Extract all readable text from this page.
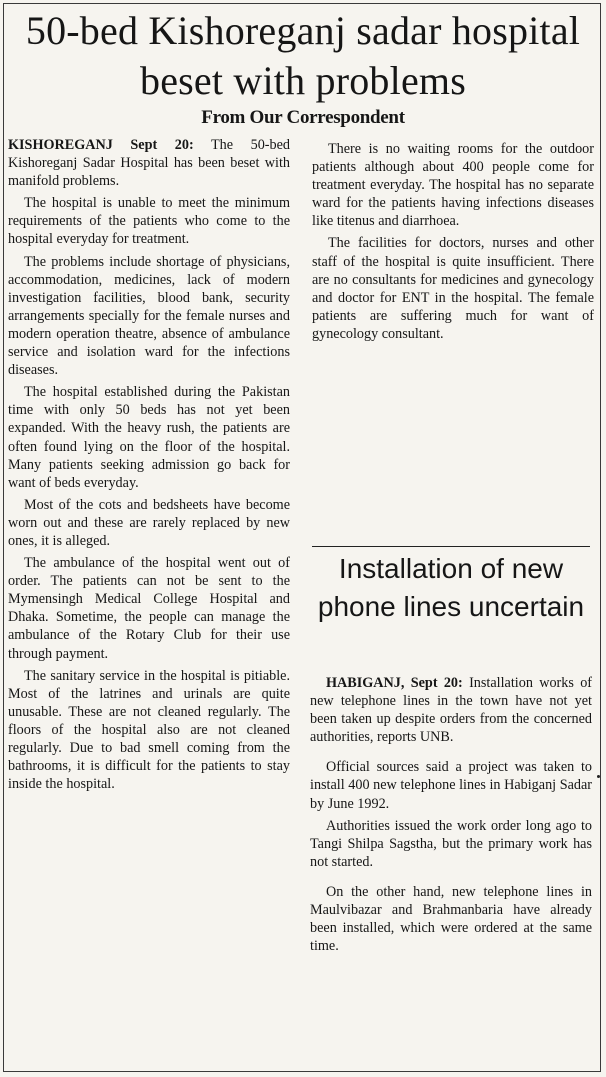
50-bed Kishoreganj sadar hospital beset with problems
From Our Correspondent

KISHOREGANJ Sept 20: The 50-bed Kishoreganj Sadar Hospital has been beset with manifold problems.

The hospital is unable to meet the minimum requirements of the patients who come to the hospital everyday for treatment.

The problems include shortage of physicians, accommodation, medicines, lack of modern investigation facilities, blood bank, security arrangements specially for the female nurses and modern operation theatre, absence of ambulance service and isolation ward for the infections diseases.

The hospital established during the Pakistan time with only 50 beds has not yet been expanded. With the heavy rush, the patients are often found lying on the floor of the hospital. Many patients seeking admission go back for want of beds everyday.

Most of the cots and bedsheets have become worn out and these are rarely replaced by new ones, it is alleged.

The ambulance of the hospital went out of order. The patients can not be sent to the Mymensingh Medical College Hospital and Dhaka. Sometime, the people can manage the ambulance of the Rotary Club for their use through payment.

The sanitary service in the hospital is pitiable. Most of the latrines and urinals are quite unusable. These are not cleaned regularly. The floors of the hospital also are not cleaned regularly. Due to bad smell coming from the bathrooms, it is difficult for the patients to stay inside the hospital.

There is no waiting rooms for the outdoor patients although about 400 people come for treatment everyday. The hospital has no separate ward for the patients having infections diseases like titenus and diarrhoea.

The facilities for doctors, nurses and other staff of the hospital is quite insufficient. There are no consultants for medicines and gynecology and doctor for ENT in the hospital. The female patients are suffering much for want of gynecology consultant.

Installation of new phone lines uncertain

HABIGANJ, Sept 20: Installation works of new telephone lines in the town have not yet been taken up despite orders from the concerned authorities, reports UNB.

Official sources said a project was taken to install 400 new telephone lines in Habiganj Sadar by June 1992.

Authorities issued the work order long ago to Tangi Shilpa Sagstha, but the primary work has not started.

On the other hand, new telephone lines in Maulvibazar and Brahmanbaria have already been installed, which were ordered at the same time.
